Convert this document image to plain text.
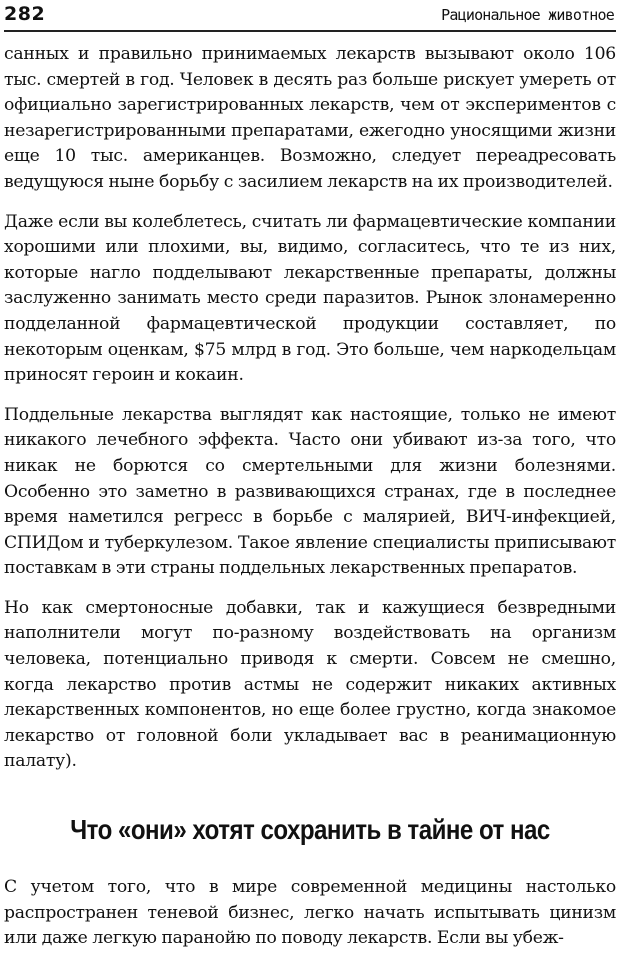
282	Рациональное животное

санных и правильно принимаемых лекарств вызывают около 106 тыс. смертей в год. Человек в десять раз больше рискует умереть от официально зарегистрированных лекарств, чем от экспериментов с незарегистрированными препаратами, ежегодно уносящими жизни еще 10 тыс. американцев. Возможно, следует переадресовать ведущуюся ныне борьбу с засилием лекарств на их производителей.

Даже если вы колеблетесь, считать ли фармацевтические компании хорошими или плохими, вы, видимо, согласитесь, что те из них, которые нагло подделывают лекарственные препараты, должны заслуженно занимать место среди паразитов. Рынок злонамеренно подделанной фармацевтической продукции составляет, по некоторым оценкам, $75 млрд в год. Это больше, чем наркодельцам приносят героин и кокаин.

Поддельные лекарства выглядят как настоящие, только не имеют никакого лечебного эффекта. Часто они убивают из-за того, что никак не борются со смертельными для жизни болезнями. Особенно это заметно в развивающихся странах, где в последнее время наметился регресс в борьбе с малярией, ВИЧ-инфекцией, СПИДом и туберкулезом. Такое явление специалисты приписывают поставкам в эти страны поддельных лекарственных препаратов.

Но как смертоносные добавки, так и кажущиеся безвредными наполнители могут по-разному воздействовать на организм человека, потенциально приводя к смерти. Совсем не смешно, когда лекарство против астмы не содержит никаких активных лекарственных компонентов, но еще более грустно, когда знакомое лекарство от головной боли укладывает вас в реанимационную палату).

Что «они» хотят сохранить в тайне от нас

С учетом того, что в мире современной медицины настолько распространен теневой бизнес, легко начать испытывать цинизм или даже легкую паранойю по поводу лекарств. Если вы убеж-
